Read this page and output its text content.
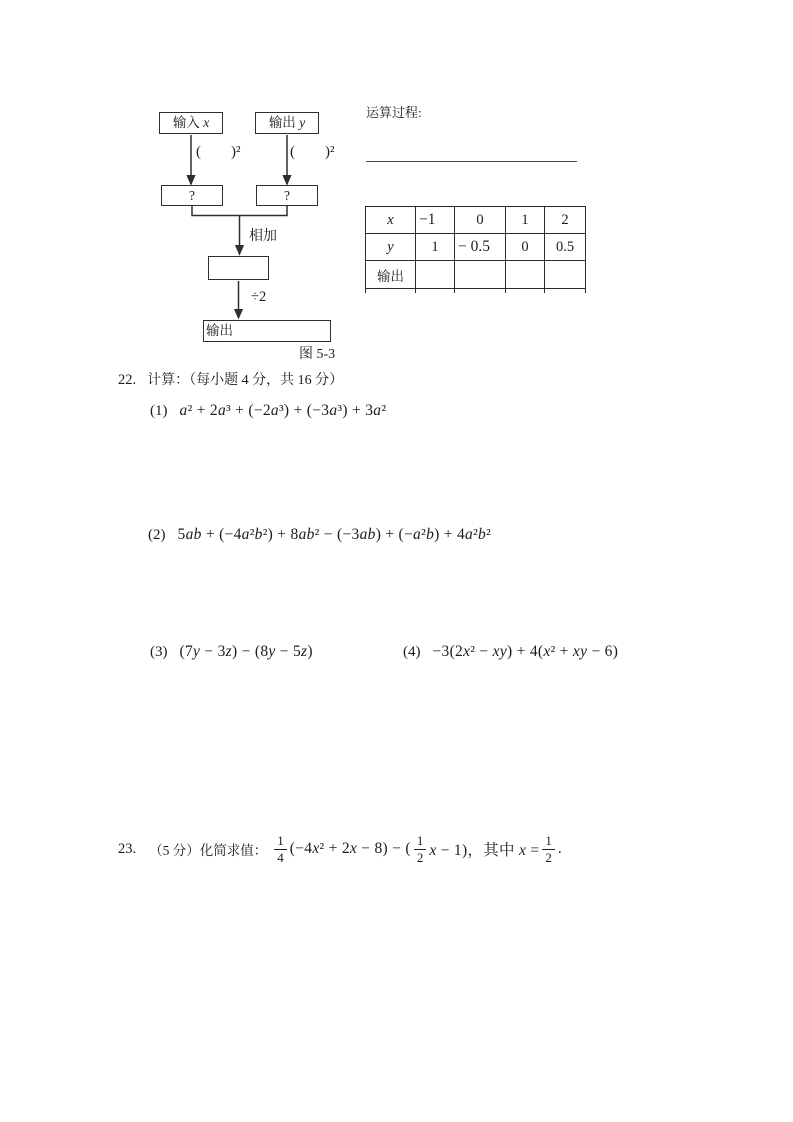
输入 x	输出 y
(        )²	(        )²
?	?
相加
÷2
输出
图 5-3
运算过程:
x	−1	0	1	2
y	1	− 0.5	0	0.5
输出				

22. 计算：（每小题 4 分，共 16 分）
(1) a² + 2a³ + (−2a³) + (−3a³) + 3a²
(2) 5ab + (−4a²b²) + 8ab² − (−3ab) + (−a²b) + 4a²b²
(3) (7y − 3z) − (8y − 5z)	(4) −3(2x² − xy) + 4(x² + xy − 6)
23. （5 分）化简求值： $\frac{1}{4} (-4x^2 + 2x - 8)$ − ( $\frac{1}{2}$ x − 1)，其中 $x = \frac{1}{2}$ .
